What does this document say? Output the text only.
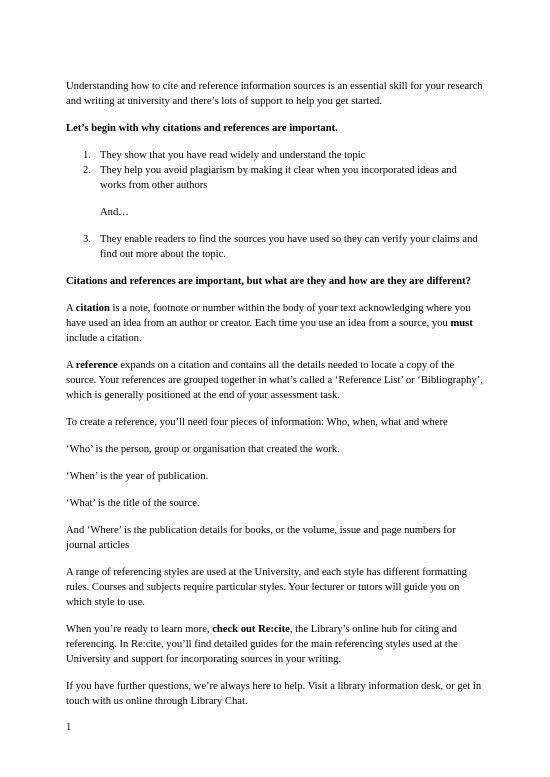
Understanding how to cite and reference information sources is an essential skill for your research and writing at university and there’s lots of support to help you get started.

Let’s begin with why citations and references are important.

1. They show that you have read widely and understand the topic
2. They help you avoid plagiarism by making it clear when you incorporated ideas and works from other authors
And…
3. They enable readers to find the sources you have used so they can verify your claims and find out more about the topic.

Citations and references are important, but what are they and how are they are different?

A citation is a note, footnote or number within the body of your text acknowledging where you have used an idea from an author or creator. Each time you use an idea from a source, you must include a citation.

A reference expands on a citation and contains all the details needed to locate a copy of the source. Your references are grouped together in what’s called a ‘Reference List’ or ‘Bibliography’, which is generally positioned at the end of your assessment task.

To create a reference, you’ll need four pieces of information: Who, when, what and where

‘Who’ is the person, group or organisation that created the work.

‘When’ is the year of publication.

‘What’ is the title of the source.

And ‘Where’ is the publication details for books, or the volume, issue and page numbers for journal articles

A range of referencing styles are used at the University, and each style has different formatting rules. Courses and subjects require particular styles. Your lecturer or tutors will guide you on which style to use.

When you’re ready to learn more, check out Re:cite, the Library’s online hub for citing and referencing. In Re:cite, you’ll find detailed guides for the main referencing styles used at the University and support for incorporating sources in your writing.

If you have further questions, we’re always here to help. Visit a library information desk, or get in touch with us online through Library Chat.

1
